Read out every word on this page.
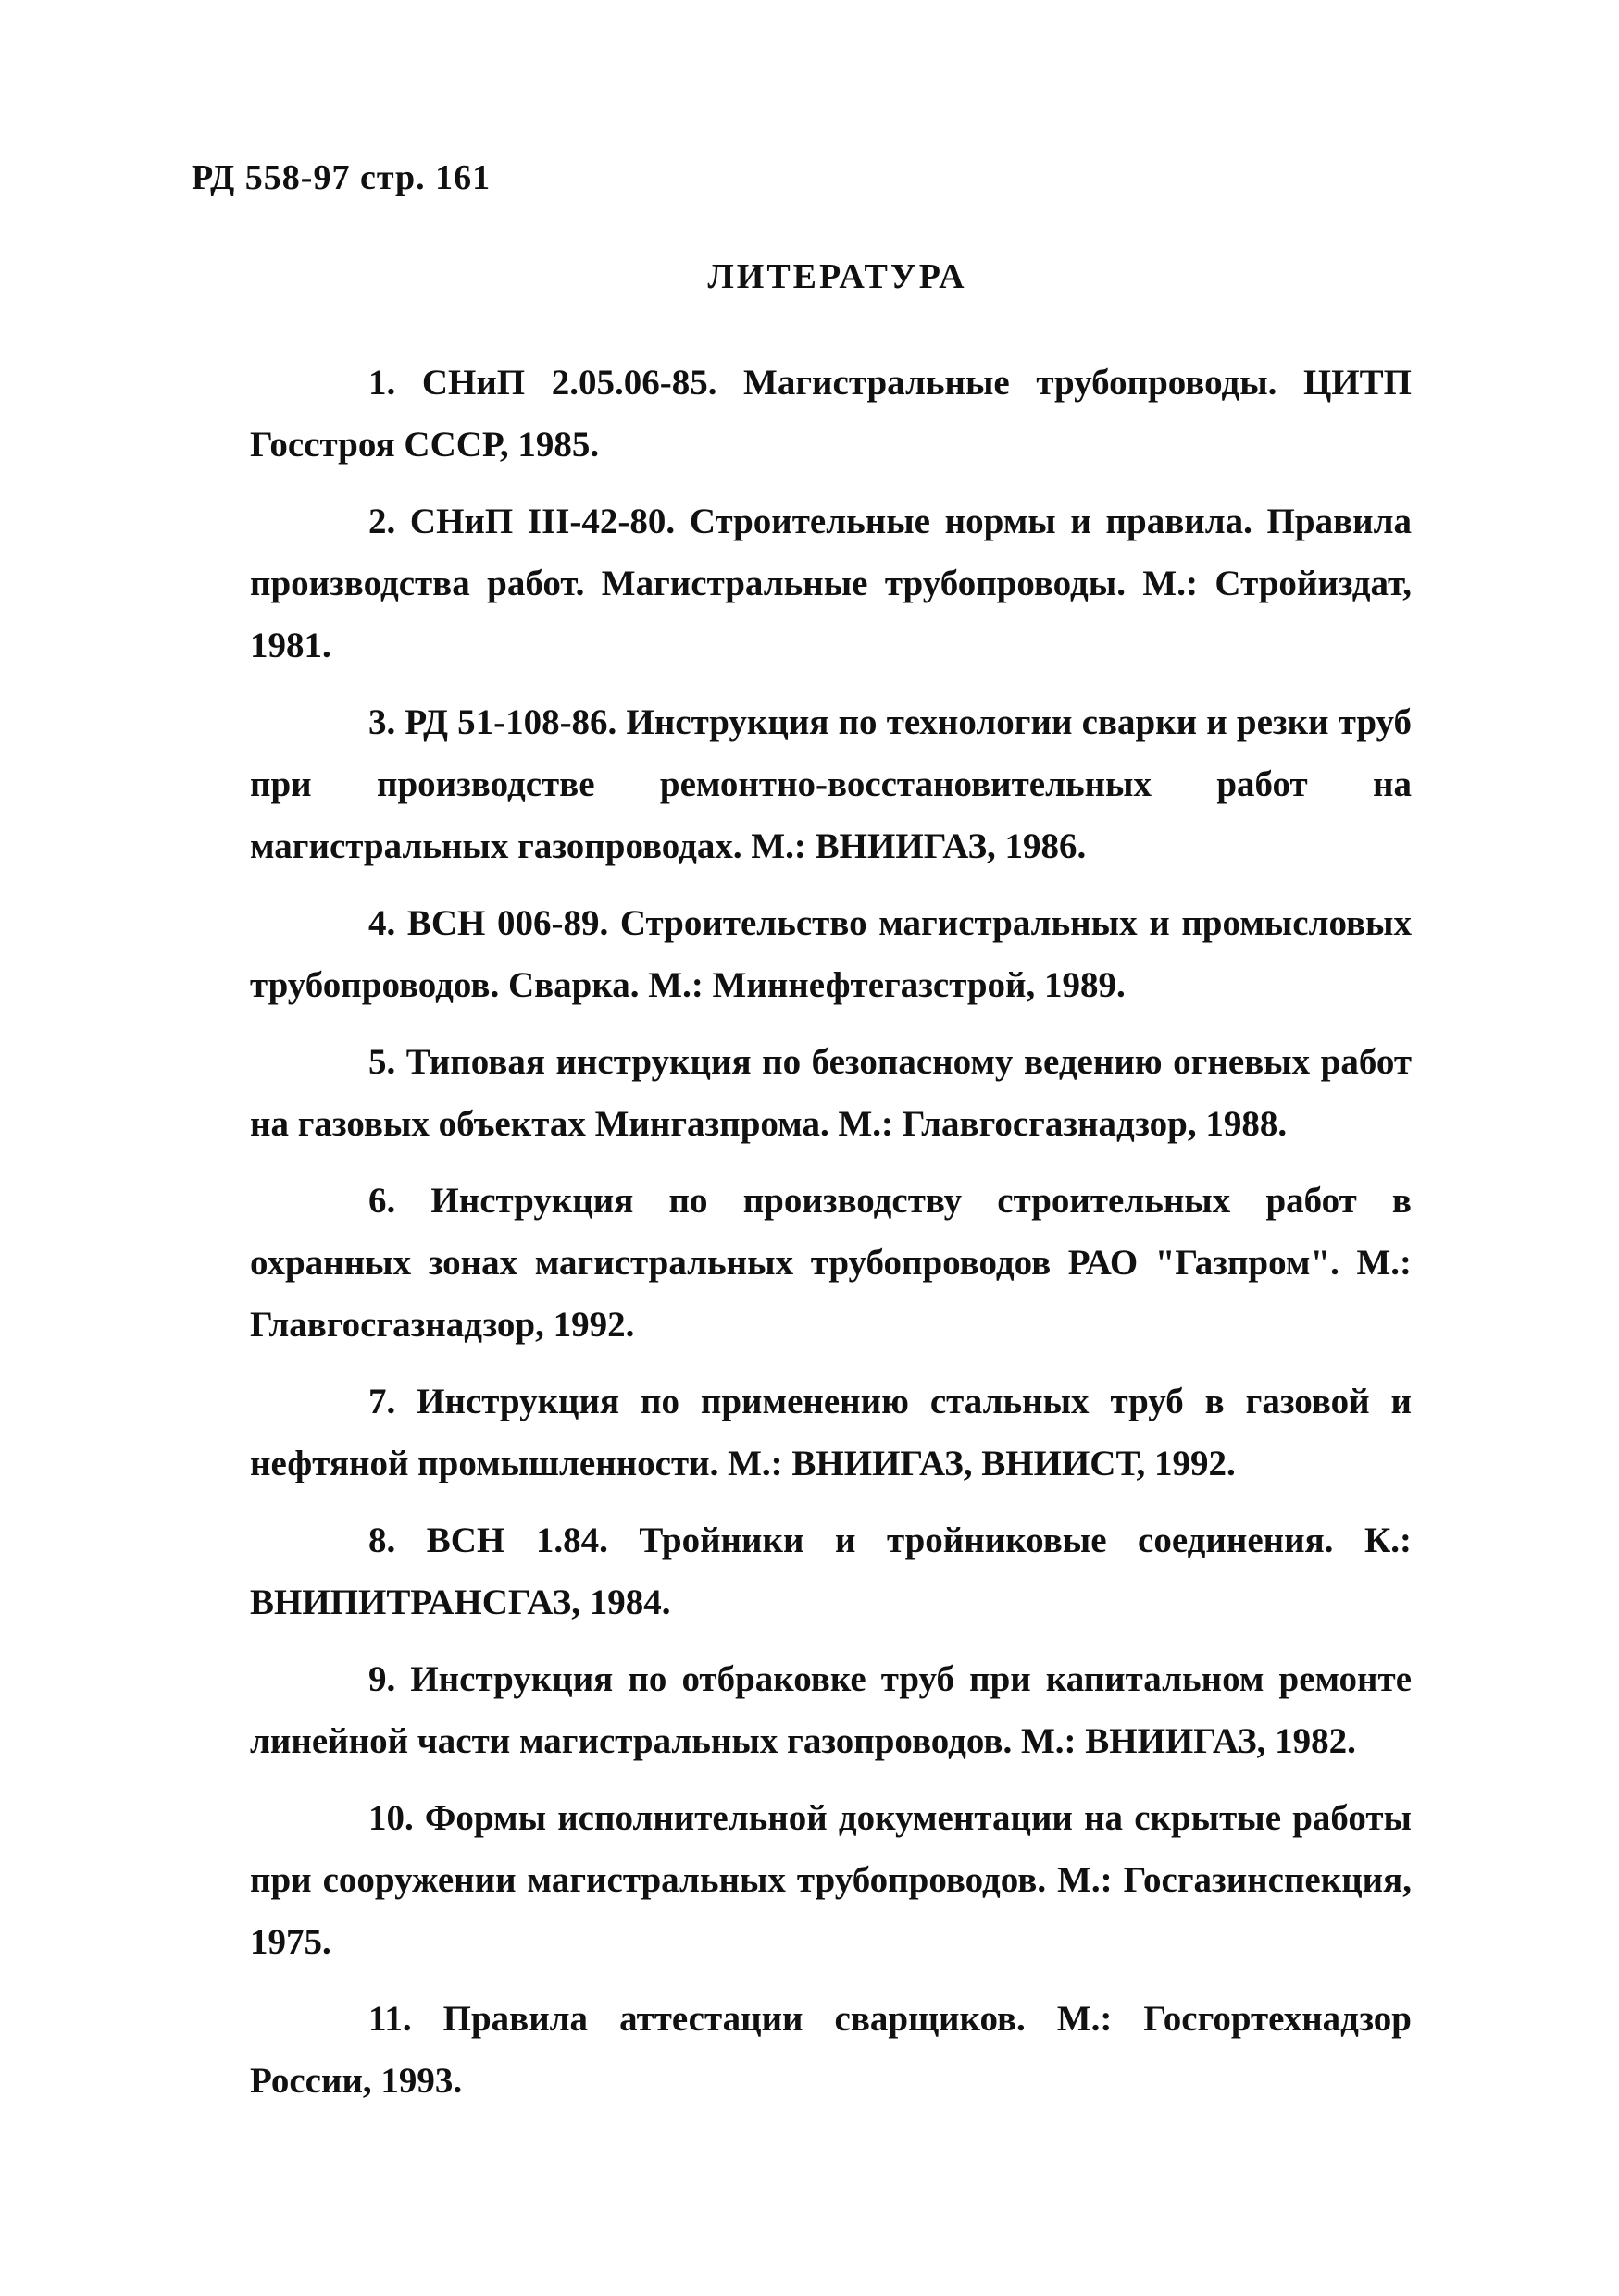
РД 558-97 стр. 161
ЛИТЕРАТУРА
1. СНиП 2.05.06-85. Магистральные трубопроводы. ЦИТП Госстроя СССР, 1985.
2. СНиП III-42-80. Строительные нормы и правила. Правила производства работ. Магистральные трубопроводы. М.: Стройиздат, 1981.
3. РД 51-108-86. Инструкция по технологии сварки и резки труб при производстве ремонтно-восстановительных работ на магистральных газопроводах. М.: ВНИИГАЗ, 1986.
4. ВСН 006-89. Строительство магистральных и промысловых трубопроводов. Сварка. М.: Миннефтегазстрой, 1989.
5. Типовая инструкция по безопасному ведению огневых работ на газовых объектах Мингазпрома. М.: Главгосгазнадзор, 1988.
6. Инструкция по производству строительных работ в охранных зонах магистральных трубопроводов РАО "Газпром". М.: Главгосгазнадзор, 1992.
7. Инструкция по применению стальных труб в газовой и нефтяной промышленности. М.: ВНИИГАЗ, ВНИИСТ, 1992.
8. ВСН 1.84. Тройники и тройниковые соединения. К.: ВНИПИТРАНСГАЗ, 1984.
9. Инструкция по отбраковке труб при капитальном ремонте линейной части магистральных газопроводов. М.: ВНИИГАЗ, 1982.
10. Формы исполнительной документации на скрытые работы при сооружении магистральных трубопроводов. М.: Госгазинспекция, 1975.
11. Правила аттестации сварщиков. М.: Госгортехнадзор России, 1993.
